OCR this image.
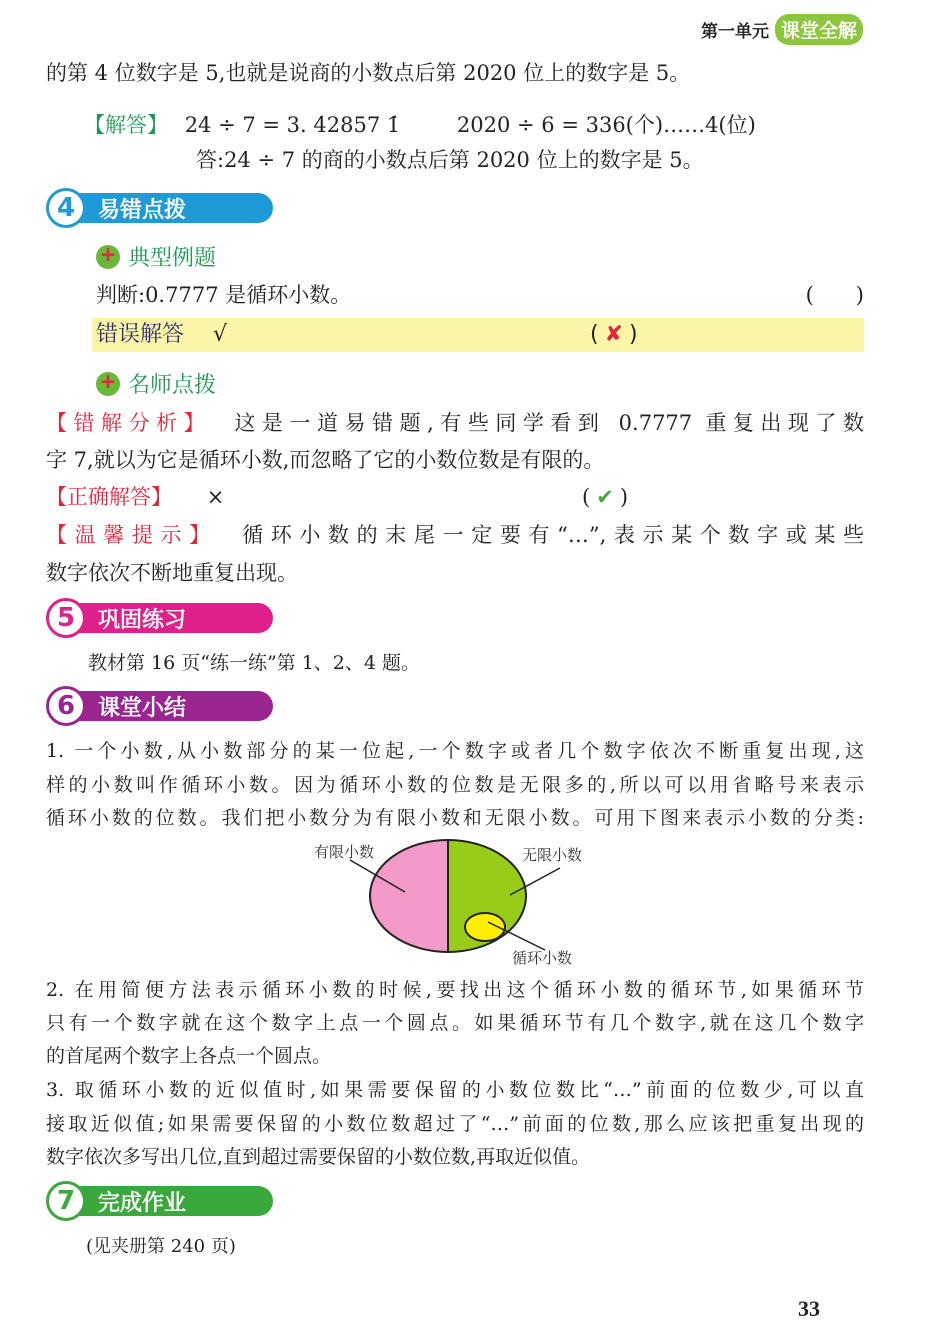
第一单元 课堂全解
的第 4 位数字是 5,也就是说商的小数点后第 2020 位上的数字是 5。
【解答】 24 ÷ 7 = 3. 4̇2857 1̇	2020 ÷ 6 = 336(个)……4(位)
答:24 ÷ 7 的商的小数点后第 2020 位上的数字是 5。
4	易错点拨
+
典型例题
判断:0.7777 是循环小数。	(　　)
错误解答 √	( ✘ )
+
名师点拨
【错解分析】 这是一道易错题,有些同学看到 0.7777 重复出现了数
字 7,就以为它是循环小数,而忽略了它的小数位数是有限的。
【正确解答】 ×	( ✔ )
【温馨提示】 循环小数的末尾一定要有“…”,表示某个数字或某些
数字依次不断地重复出现。
5	巩固练习
教材第 16 页“练一练”第 1、2、4 题。
6	课堂小结
1. 一个小数,从小数部分的某一位起,一个数字或者几个数字依次不断重复出现,这
样的小数叫作循环小数。因为循环小数的位数是无限多的,所以可以用省略号来表示
循环小数的位数。我们把小数分为有限小数和无限小数。可用下图来表示小数的分类:
有限小数	无限小数
循环小数
2. 在用简便方法表示循环小数的时候,要找出这个循环小数的循环节,如果循环节
只有一个数字就在这个数字上点一个圆点。如果循环节有几个数字,就在这几个数字
的首尾两个数字上各点一个圆点。
3. 取循环小数的近似值时,如果需要保留的小数位数比“…”前面的位数少,可以直
接取近似值;如果需要保留的小数位数超过了“…”前面的位数,那么应该把重复出现的
数字依次多写出几位,直到超过需要保留的小数位数,再取近似值。
7	完成作业
(见夹册第 240 页)
33
